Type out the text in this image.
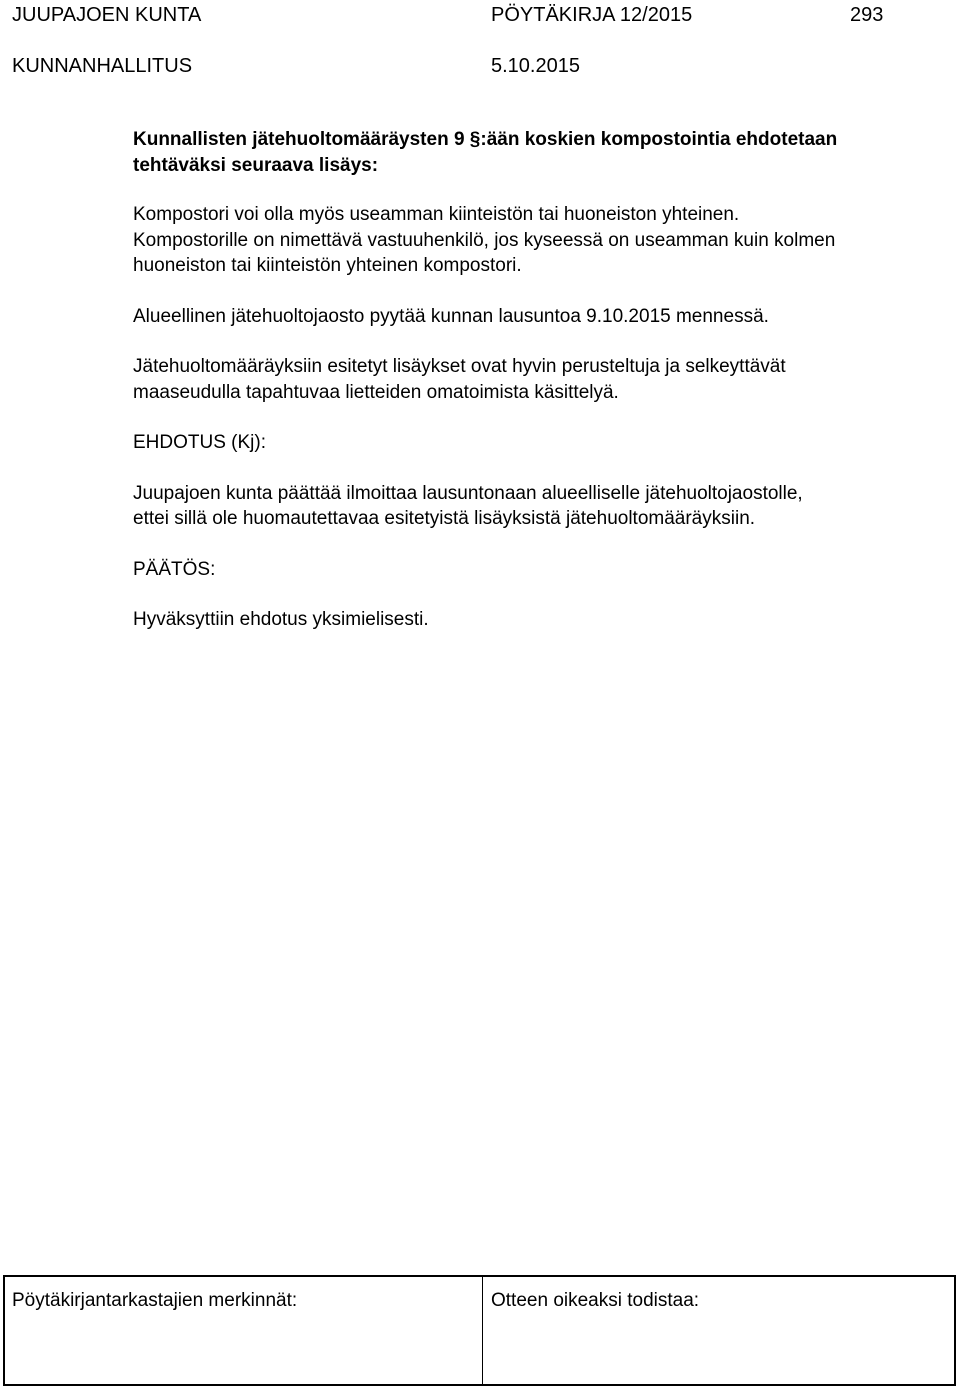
JUUPAJOEN KUNTA	PÖYTÄKIRJA 12/2015	293
KUNNANHALLITUS	5.10.2015

Kunnallisten jätehuoltomääräysten 9 §:ään koskien kompostointia ehdotetaan
tehtäväksi seuraava lisäys:

Kompostori voi olla myös useamman kiinteistön tai huoneiston yhteinen.
Kompostorille on nimettävä vastuuhenkilö, jos kyseessä on useamman kuin kolmen
huoneiston tai kiinteistön yhteinen kompostori.

Alueellinen jätehuoltojaosto pyytää kunnan lausuntoa 9.10.2015 mennessä.

Jätehuoltomääräyksiin esitetyt lisäykset ovat hyvin perusteltuja ja selkeyttävät
maaseudulla tapahtuvaa lietteiden omatoimista käsittelyä.

EHDOTUS (Kj):

Juupajoen kunta päättää ilmoittaa lausuntonaan alueelliselle jätehuoltojaostolle,
ettei sillä ole huomautettavaa esitetyistä lisäyksistä jätehuoltomääräyksiin.

PÄÄTÖS:

Hyväksyttiin ehdotus yksimielisesti.

Pöytäkirjantarkastajien merkinnät:	Otteen oikeaksi todistaa:
